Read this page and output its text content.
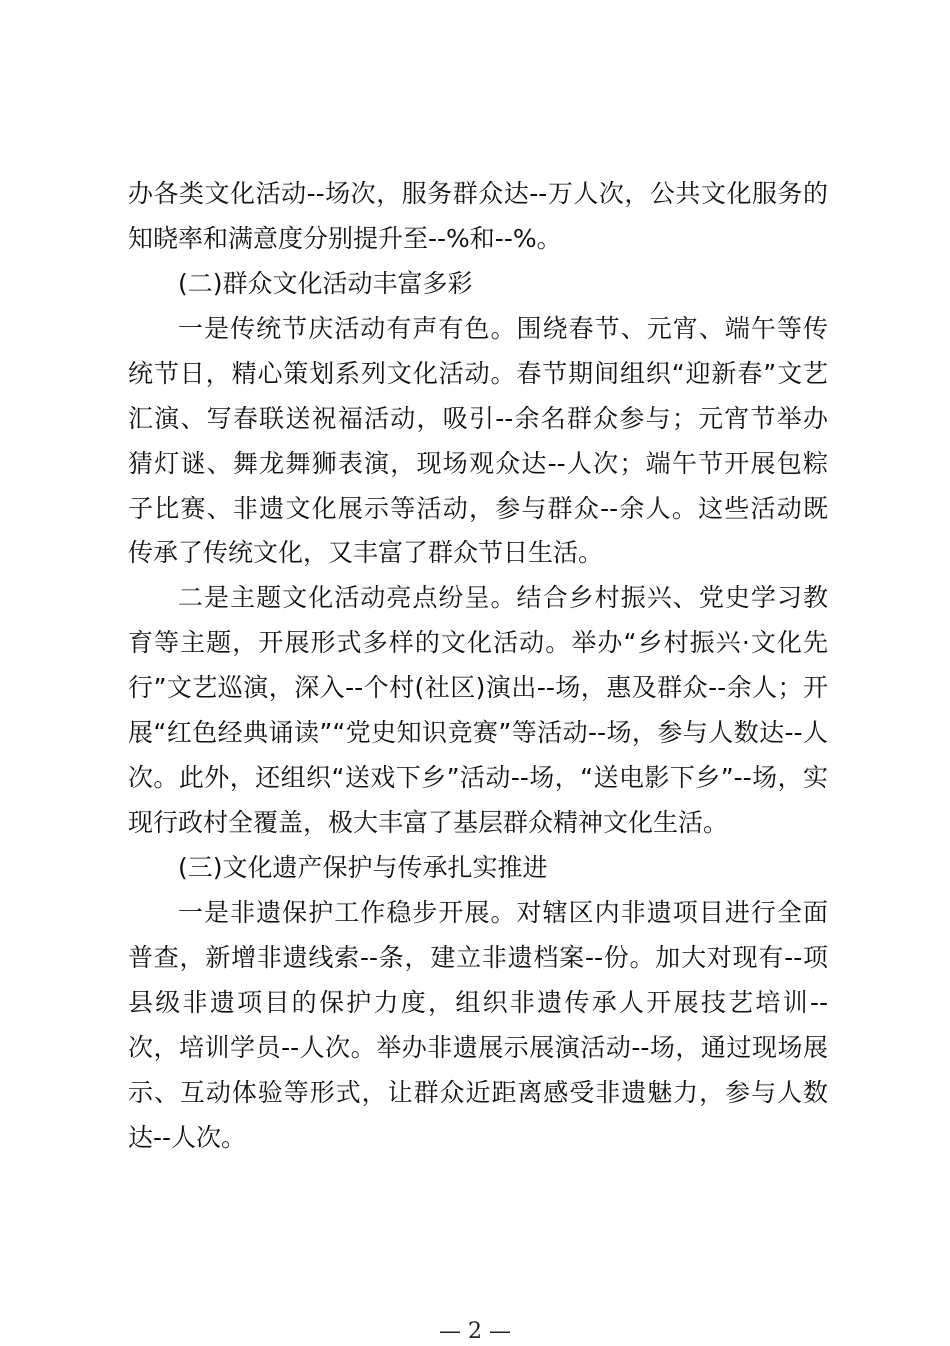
办各类文化活动--场次，服务群众达--万人次，公共文化服务的
知晓率和满意度分别提升至--%和--%。
(二)群众文化活动丰富多彩
一是传统节庆活动有声有色。围绕春节、元宵、端午等传
统节日，精心策划系列文化活动。春节期间组织“迎新春”文艺
汇演、写春联送祝福活动，吸引--余名群众参与；元宵节举办
猜灯谜、舞龙舞狮表演，现场观众达--人次；端午节开展包粽
子比赛、非遗文化展示等活动，参与群众--余人。这些活动既
传承了传统文化，又丰富了群众节日生活。
二是主题文化活动亮点纷呈。结合乡村振兴、党史学习教
育等主题，开展形式多样的文化活动。举办“乡村振兴·文化先
行”文艺巡演，深入--个村(社区)演出--场，惠及群众--余人；开
展“红色经典诵读”“党史知识竞赛”等活动--场，参与人数达--人
次。此外，还组织“送戏下乡”活动--场，“送电影下乡”--场，实
现行政村全覆盖，极大丰富了基层群众精神文化生活。
(三)文化遗产保护与传承扎实推进
一是非遗保护工作稳步开展。对辖区内非遗项目进行全面
普查，新增非遗线索--条，建立非遗档案--份。加大对现有--项
县级非遗项目的保护力度，组织非遗传承人开展技艺培训--
次，培训学员--人次。举办非遗展示展演活动--场，通过现场展
示、互动体验等形式，让群众近距离感受非遗魅力，参与人数
达--人次。
— 2 —
